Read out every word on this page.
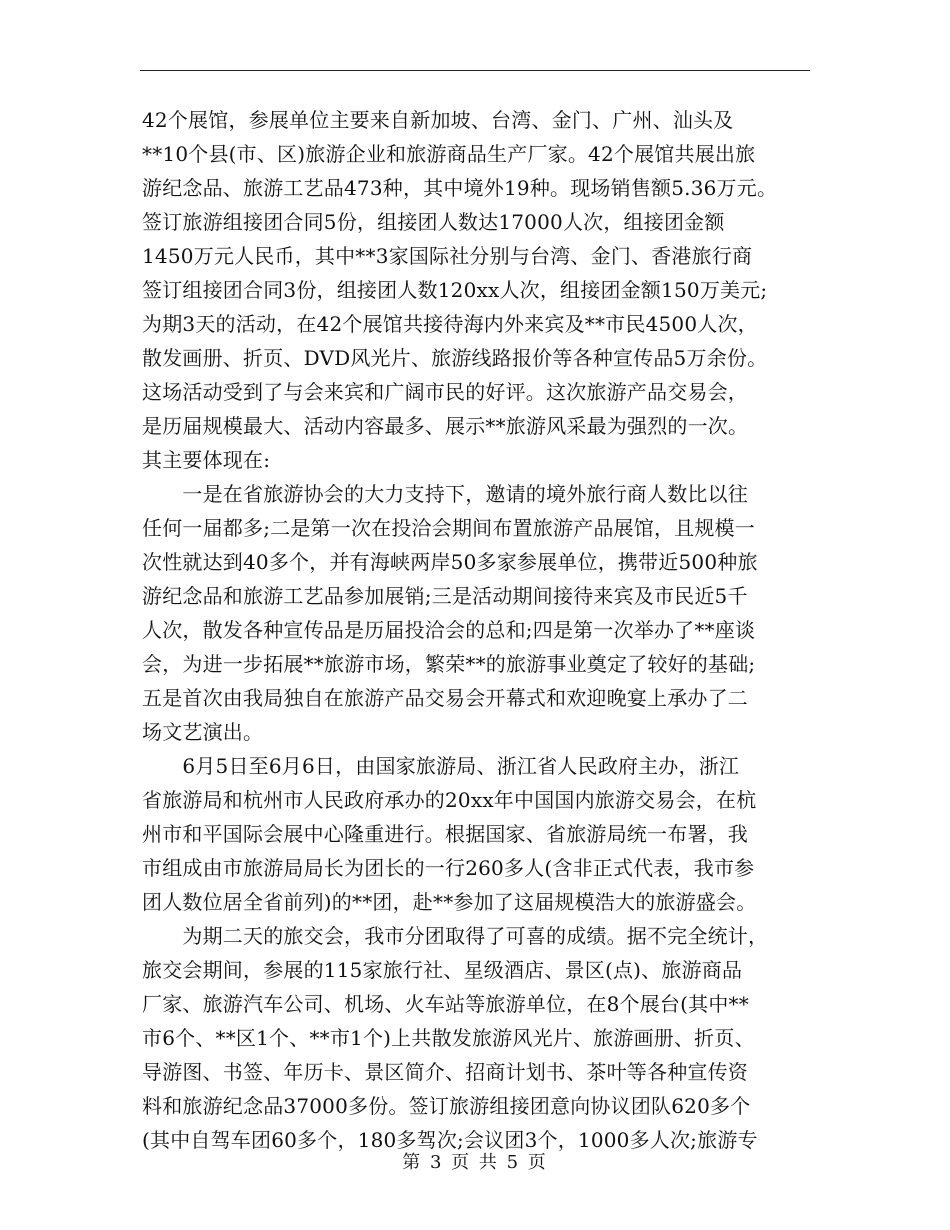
42个展馆，参展单位主要来自新加坡、台湾、金门、广州、汕头及
**10个县(市、区)旅游企业和旅游商品生产厂家。42个展馆共展出旅
游纪念品、旅游工艺品473种，其中境外19种。现场销售额5.36万元。
签订旅游组接团合同5份，组接团人数达17000人次，组接团金额
1450万元人民币，其中**3家国际社分别与台湾、金门、香港旅行商
签订组接团合同3份，组接团人数120xx人次，组接团金额150万美元;
为期3天的活动，在42个展馆共接待海内外来宾及**市民4500人次，
散发画册、折页、DVD风光片、旅游线路报价等各种宣传品5万余份。
这场活动受到了与会来宾和广阔市民的好评。这次旅游产品交易会，
是历届规模最大、活动内容最多、展示**旅游风采最为强烈的一次。
其主要体现在:
　　一是在省旅游协会的大力支持下，邀请的境外旅行商人数比以往
任何一届都多;二是第一次在投洽会期间布置旅游产品展馆，且规模一
次性就达到40多个，并有海峡两岸50多家参展单位，携带近500种旅
游纪念品和旅游工艺品参加展销;三是活动期间接待来宾及市民近5千
人次，散发各种宣传品是历届投洽会的总和;四是第一次举办了**座谈
会，为进一步拓展**旅游市场，繁荣**的旅游事业奠定了较好的基础;
五是首次由我局独自在旅游产品交易会开幕式和欢迎晚宴上承办了二
场文艺演出。
　　6月5日至6月6日，由国家旅游局、浙江省人民政府主办，浙江
省旅游局和杭州市人民政府承办的20xx年中国国内旅游交易会，在杭
州市和平国际会展中心隆重进行。根据国家、省旅游局统一布署，我
市组成由市旅游局局长为团长的一行260多人(含非正式代表，我市参
团人数位居全省前列)的**团，赴**参加了这届规模浩大的旅游盛会。
　　为期二天的旅交会，我市分团取得了可喜的成绩。据不完全统计，
旅交会期间，参展的115家旅行社、星级酒店、景区(点)、旅游商品
厂家、旅游汽车公司、机场、火车站等旅游单位，在8个展台(其中**
市6个、**区1个、**市1个)上共散发旅游风光片、旅游画册、折页、
导游图、书签、年历卡、景区简介、招商计划书、茶叶等各种宣传资
料和旅游纪念品37000多份。签订旅游组接团意向协议团队620多个
(其中自驾车团60多个，180多驾次;会议团3个，1000多人次;旅游专
第 3 页 共 5 页
